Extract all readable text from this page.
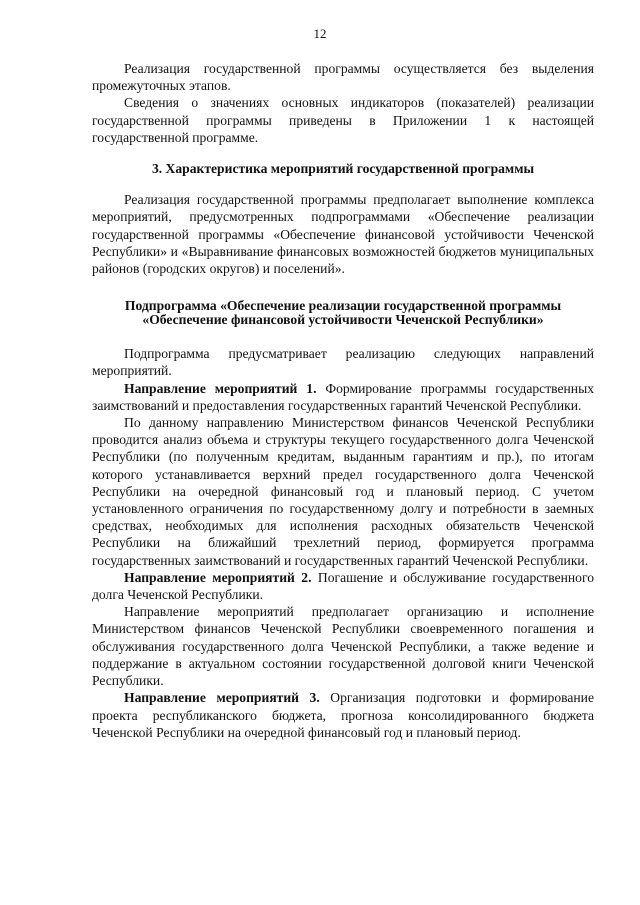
12

Реализация государственной программы осуществляется без выделения промежуточных этапов.

Сведения о значениях основных индикаторов (показателей) реализации государственной программы приведены в Приложении 1 к настоящей государственной программе.

3. Характеристика мероприятий государственной программы

Реализация государственной программы предполагает выполнение комплекса мероприятий, предусмотренных подпрограммами «Обеспечение реализации государственной программы «Обеспечение финансовой устойчивости Чеченской Республики» и «Выравнивание финансовых возможностей бюджетов муниципальных районов (городских округов) и поселений».

Подпрограмма «Обеспечение реализации государственной программы «Обеспечение финансовой устойчивости Чеченской Республики»

Подпрограмма предусматривает реализацию следующих направлений мероприятий.

Направление мероприятий 1. Формирование программы государственных заимствований и предоставления государственных гарантий Чеченской Республики.

По данному направлению Министерством финансов Чеченской Республики проводится анализ объема и структуры текущего государственного долга Чеченской Республики (по полученным кредитам, выданным гарантиям и пр.), по итогам которого устанавливается верхний предел государственного долга Чеченской Республики на очередной финансовый год и плановый период. С учетом установленного ограничения по государственному долгу и потребности в заемных средствах, необходимых для исполнения расходных обязательств Чеченской Республики на ближайший трехлетний период, формируется программа государственных заимствований и государственных гарантий Чеченской Республики.

Направление мероприятий 2. Погашение и обслуживание государственного долга Чеченской Республики.

Направление мероприятий предполагает организацию и исполнение Министерством финансов Чеченской Республики своевременного погашения и обслуживания государственного долга Чеченской Республики, а также ведение и поддержание в актуальном состоянии государственной долговой книги Чеченской Республики.

Направление мероприятий 3. Организация подготовки и формирование проекта республиканского бюджета, прогноза консолидированного бюджета Чеченской Республики на очередной финансовый год и плановый период.
